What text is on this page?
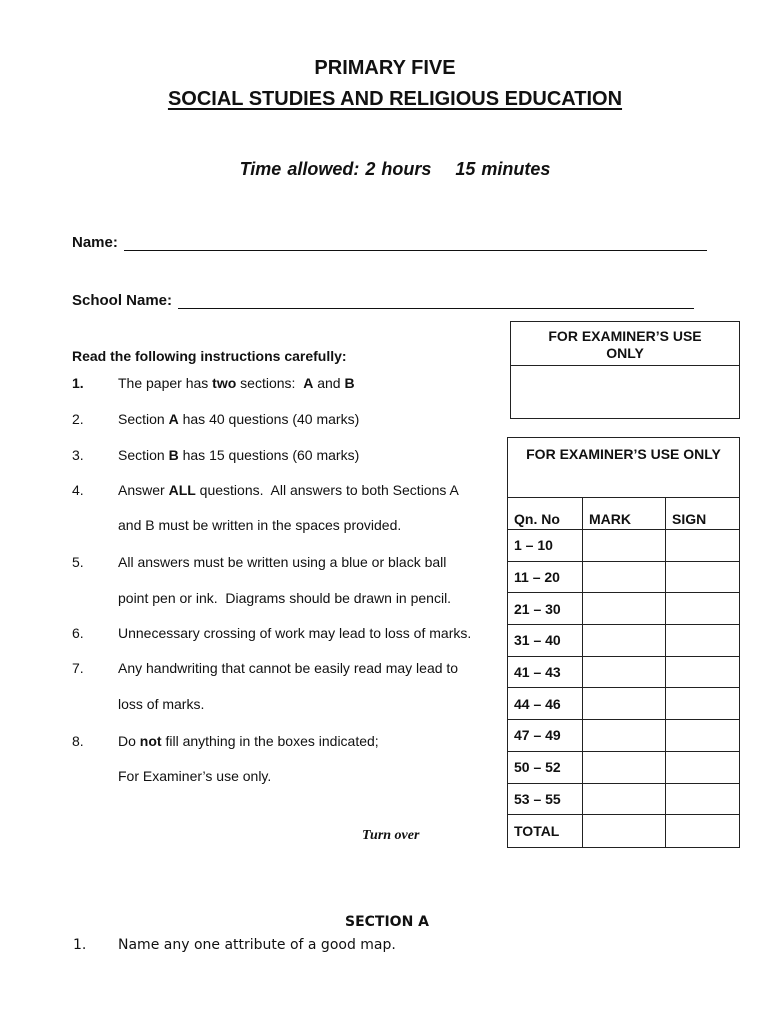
PRIMARY FIVE
SOCIAL STUDIES AND RELIGIOUS EDUCATION
Time allowed: 2 hours    15 minutes
Name:
School Name:
Read the following instructions carefully:
1. The paper has two sections:  A and B
2. Section A has 40 questions (40 marks)
3. Section B has 15 questions (60 marks)
4. Answer ALL questions.  All answers to both Sections A
and B must be written in the spaces provided.
5. All answers must be written using a blue or black ball
point pen or ink.  Diagrams should be drawn in pencil.
6. Unnecessary crossing of work may lead to loss of marks.
7. Any handwriting that cannot be easily read may lead to
loss of marks.
8. Do not fill anything in the boxes indicated;
For Examiner’s use only.
FOR EXAMINER’S USE ONLY
FOR EXAMINER’S USE ONLY
Qn. No	MARK	SIGN
1 – 10
11 – 20
21 – 30
31 – 40
41 – 43
44 – 46
47 – 49
50 – 52
53 – 55
TOTAL
Turn over
SECTION A
1. Name any one attribute of a good map.
